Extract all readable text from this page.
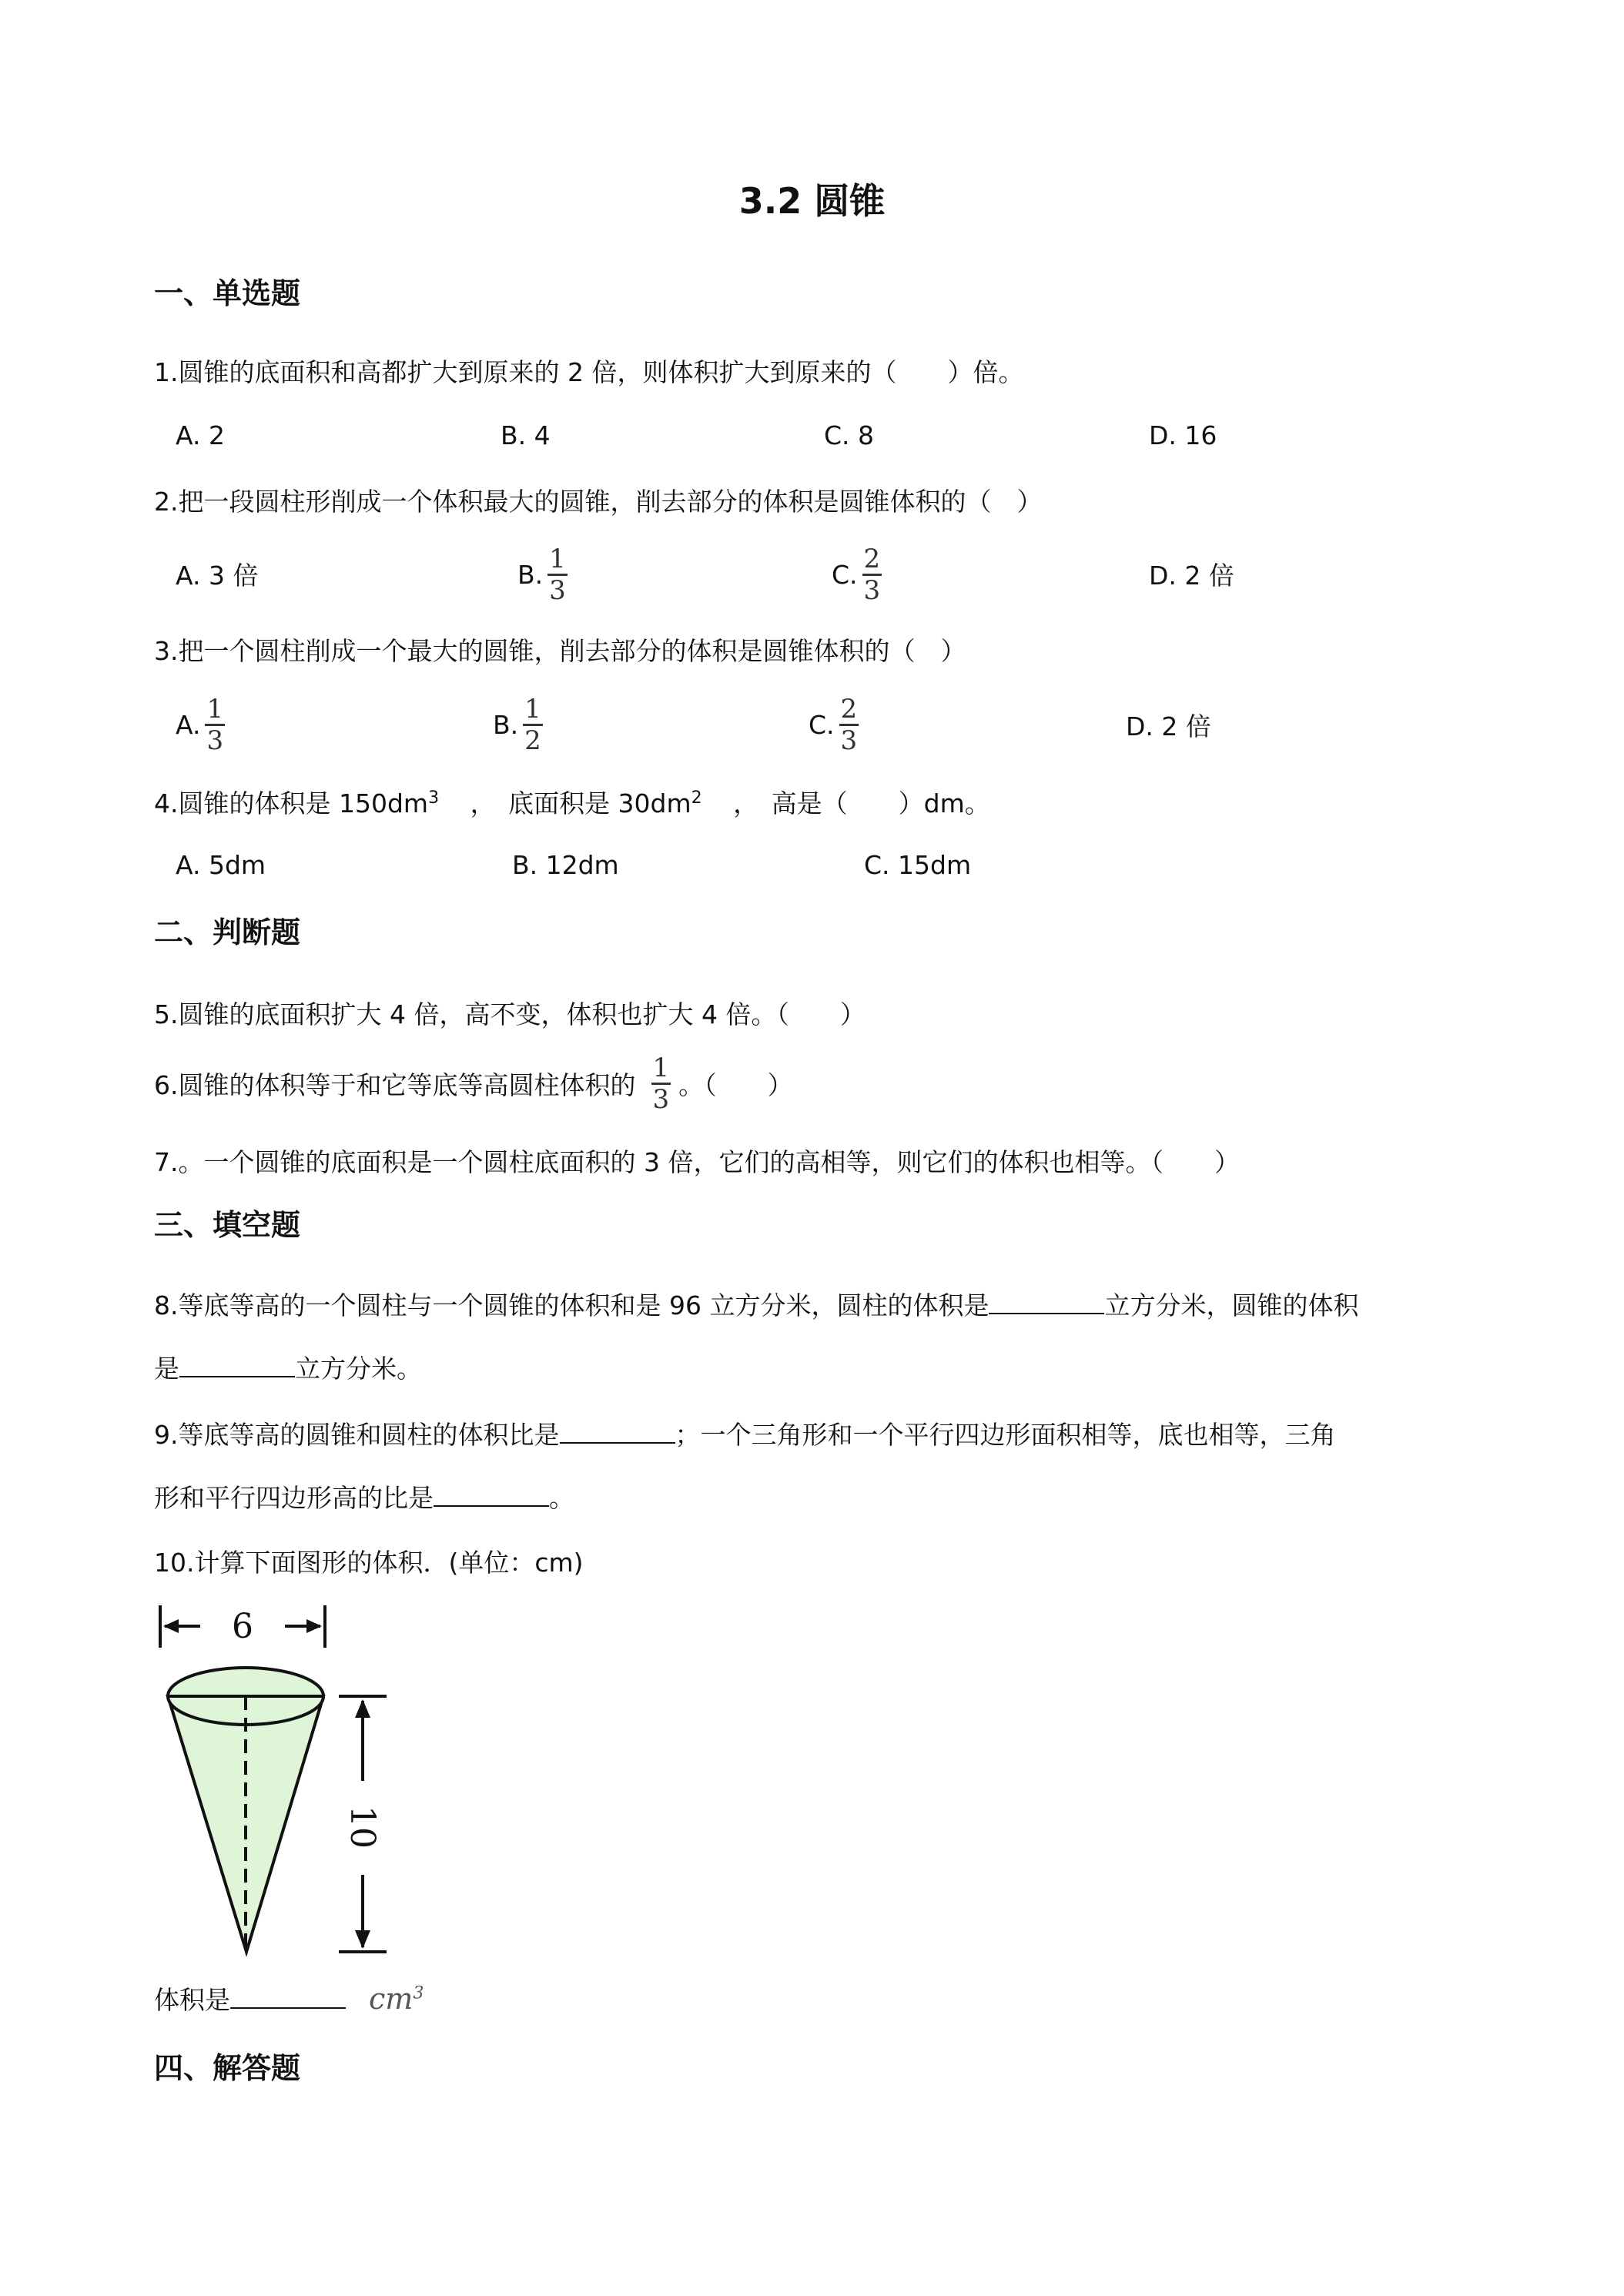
3.2 圆锥
一、单选题
1.圆锥的底面积和高都扩大到原来的 2 倍，则体积扩大到原来的（　　）倍。
A. 2	B. 4	C. 8	D. 16
2.把一段圆柱形削成一个体积最大的圆锥，削去部分的体积是圆锥体积的（　）
A. 3 倍	B. $\frac{1}{3}$	C. $\frac{2}{3}$	D. 2 倍
3.把一个圆柱削成一个最大的圆锥，削去部分的体积是圆锥体积的（　）
A. $\frac{1}{3}$	B. $\frac{1}{2}$	C. $\frac{2}{3}$	D. 2 倍
4.圆锥的体积是 $150dm^3$ ，　底面积是 $30dm^2$ ，　高是（　　）dm。
A. 5dm	B. 12dm	C. 15dm
二、判断题
5.圆锥的底面积扩大 4 倍，高不变，体积也扩大 4 倍。（　　）
6.圆锥的体积等于和它等底等高圆柱体积的 $\frac{1}{3}$ 。（　　）
7.。一个圆锥的底面积是一个圆柱底面积的 3 倍，它们的高相等，则它们的体积也相等。（　　）
三、填空题
8.等底等高的一个圆柱与一个圆锥的体积和是 96 立方分米，圆柱的体积是	立方分米，圆锥的体积
是	立方分米。
9.等底等高的圆锥和圆柱的体积比是	；一个三角形和一个平行四边形面积相等，底也相等，三角
形和平行四边形高的比是	。
10.计算下面图形的体积．(单位：cm)
6
10
体积是	$cm^3$
四、解答题
